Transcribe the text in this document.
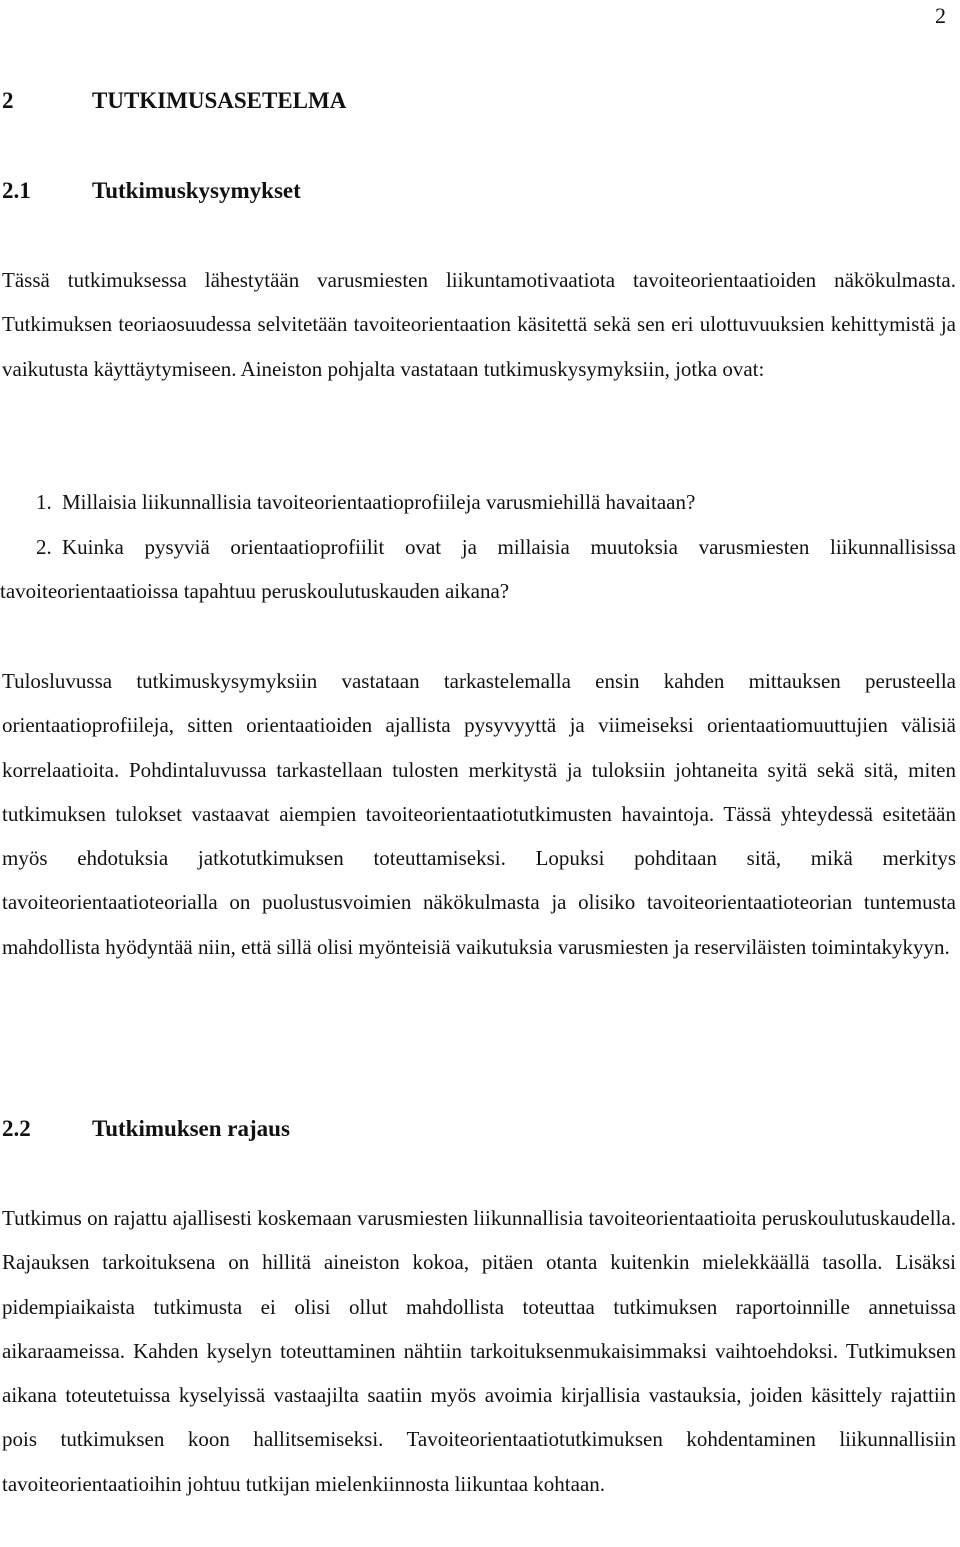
2
2	TUTKIMUSASETELMA
2.1	Tutkimuskysymykset

Tässä tutkimuksessa lähestytään varusmiesten liikuntamotivaatiota tavoiteorientaatioiden näkökulmasta. Tutkimuksen teoriaosuudessa selvitetään tavoiteorientaation käsitettä sekä sen eri ulottuvuuksien kehittymistä ja vaikutusta käyttäytymiseen. Aineiston pohjalta vastataan tutkimuskysymyksiin, jotka ovat:

1. Millaisia liikunnallisia tavoiteorientaatioprofiileja varusmiehillä havaitaan?
2. Kuinka pysyviä orientaatioprofiilit ovat ja millaisia muutoksia varusmiesten liikunnallisissa tavoiteorientaatioissa tapahtuu peruskoulutuskauden aikana?

Tulosluvussa tutkimuskysymyksiin vastataan tarkastelemalla ensin kahden mittauksen perusteella orientaatioprofiileja, sitten orientaatioiden ajallista pysyvyyttä ja viimeiseksi orientaatiomuuttujien välisiä korrelaatioita. Pohdintaluvussa tarkastellaan tulosten merkitystä ja tuloksiin johtaneita syitä sekä sitä, miten tutkimuksen tulokset vastaavat aiempien tavoiteorientaatiotutkimusten havaintoja. Tässä yhteydessä esitetään myös ehdotuksia jatkotutkimuksen toteuttamiseksi. Lopuksi pohditaan sitä, mikä merkitys tavoiteorientaatioteorialla on puolustusvoimien näkökulmasta ja olisiko tavoiteorientaatioteorian tuntemusta mahdollista hyödyntää niin, että sillä olisi myönteisiä vaikutuksia varusmiesten ja reserviläisten toimintakykyyn.

2.2	Tutkimuksen rajaus

Tutkimus on rajattu ajallisesti koskemaan varusmiesten liikunnallisia tavoiteorientaatioita peruskoulutuskaudella. Rajauksen tarkoituksena on hillitä aineiston kokoa, pitäen otanta kuitenkin mielekkäällä tasolla. Lisäksi pidempiaikaista tutkimusta ei olisi ollut mahdollista toteuttaa tutkimuksen raportoinnille annetuissa aikaraameissa. Kahden kyselyn toteuttaminen nähtiin tarkoituksenmukaisimmaksi vaihtoehdoksi. Tutkimuksen aikana toteutetuissa kyselyissä vastaajilta saatiin myös avoimia kirjallisia vastauksia, joiden käsittely rajattiin pois tutkimuksen koon hallitsemiseksi. Tavoiteorientaatiotutkimuksen kohdentaminen liikunnallisiin tavoiteorientaatioihin johtuu tutkijan mielenkiinnosta liikuntaa kohtaan.
